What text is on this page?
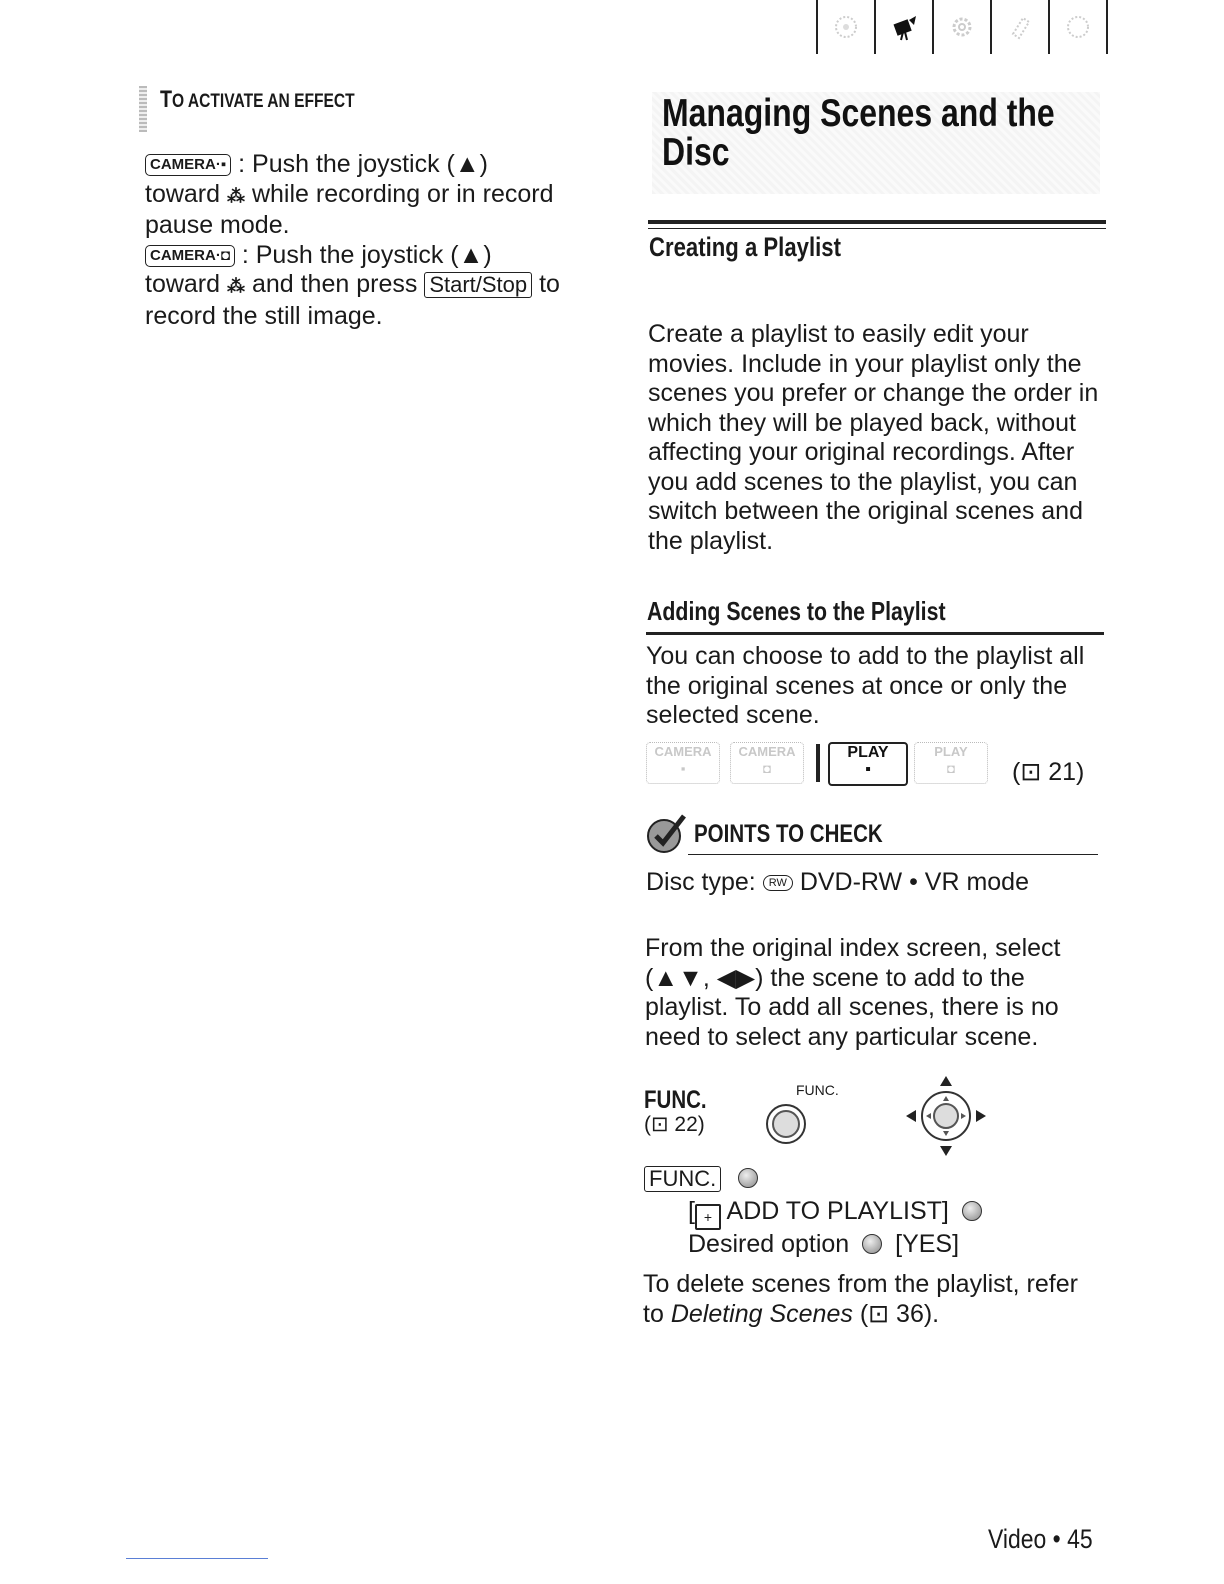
TO ACTIVATE AN EFFECT
CAMERA·▪ : Push the joystick (▲)
toward ⁂ while recording or in record
pause mode.
CAMERA·◘ : Push the joystick (▲)
toward ⁂ and then press Start/Stop to
record the still image.
Managing Scenes and the
Disc
Creating a Playlist
Create a playlist to easily edit your
movies. Include in your playlist only the
scenes you prefer or change the order in
which they will be played back, without
affecting your original recordings. After
you add scenes to the playlist, you can
switch between the original scenes and
the playlist.
Adding Scenes to the Playlist
You can choose to add to the playlist all
the original scenes at once or only the
selected scene.
CAMERA
▪
CAMERA
◘
PLAY
▪
PLAY
◘	(⊡ 21)
POINTS TO CHECK
Disc type: RW DVD-RW • VR mode
From the original index screen, select
(▲▼, ◀▶) the scene to add to the
playlist. To add all scenes, there is no
need to select any particular scene.
FUNC.
(⊡ 22)
FUNC.
FUNC.
[ + ADD TO PLAYLIST]
Desired option [YES]
To delete scenes from the playlist, refer
to Deleting Scenes (⊡ 36).
Video • 45
